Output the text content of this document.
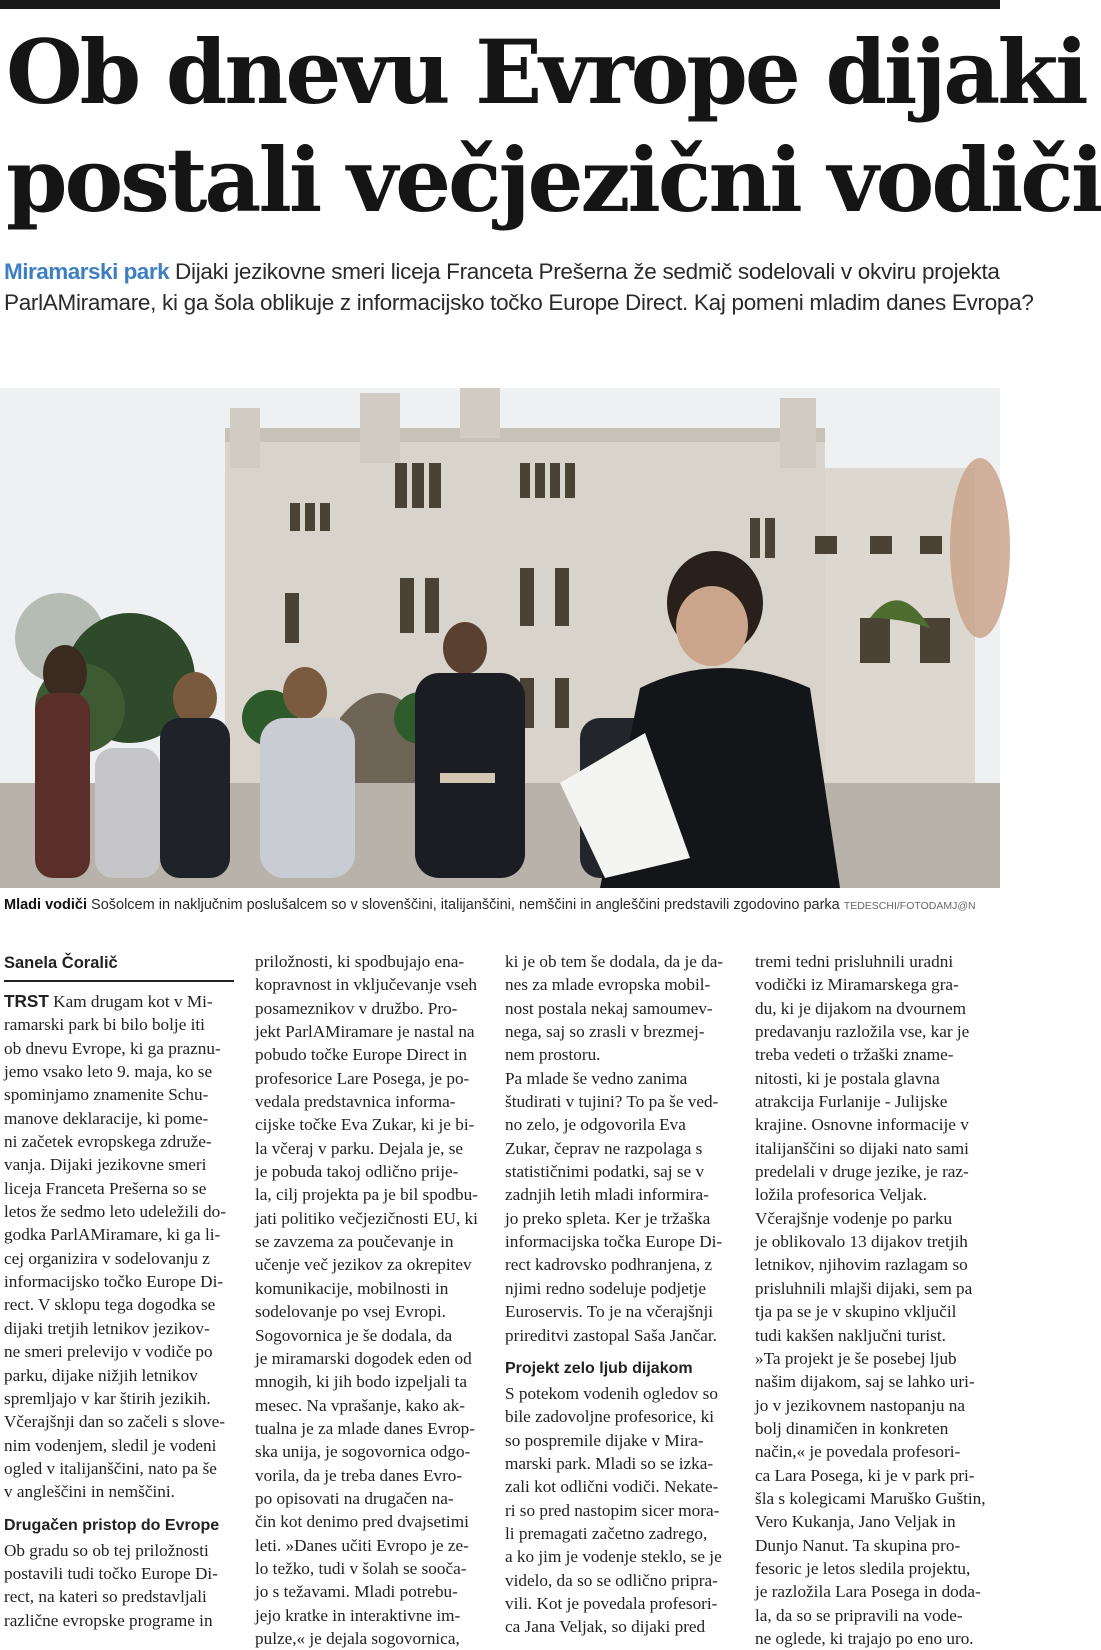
Ob dnevu Evrope dijaki
postali večjezični vodiči
Miramarski park Dijaki jezikovne smeri liceja Franceta Prešerna že sedmič sodelovali v okviru projekta
ParlAMiramare, ki ga šola oblikuje z informacijsko točko Europe Direct. Kaj pomeni mladim danes Evropa?
Mladi vodiči Sošolcem in naključnim poslušalcem so v slovenščini, italijanščini, nemščini in angleščini predstavili zgodovino parka TEDESCHI/FOTODAMJ@N
Sanela Čoralič
TRST Kam drugam kot v Mi-
ramarski park bi bilo bolje iti
ob dnevu Evrope, ki ga praznu-
jemo vsako leto 9. maja, ko se
spominjamo znamenite Schu-
manove deklaracije, ki pome-
ni začetek evropskega združe-
vanja. Dijaki jezikovne smeri
liceja Franceta Prešerna so se
letos že sedmo leto udeležili do-
godka ParlAMiramare, ki ga li-
cej organizira v sodelovanju z
informacijsko točko Europe Di-
rect. V sklopu tega dogodka se
dijaki tretjih letnikov jezikov-
ne smeri prelevijo v vodiče po
parku, dijake nižjih letnikov
spremljajo v kar štirih jezikih.
Včerajšnji dan so začeli s slove-
nim vodenjem, sledil je vodeni
ogled v italijanščini, nato pa še
v angleščini in nemščini.
Drugačen pristop do Evrope
Ob gradu so ob tej priložnosti
postavili tudi točko Europe Di-
rect, na kateri so predstavljali
različne evropske programe in
priložnosti, ki spodbujajo ena-
kopravnost in vključevanje vseh
posameznikov v družbo. Pro-
jekt ParlAMiramare je nastal na
pobudo točke Europe Direct in
profesorice Lare Posega, je po-
vedala predstavnica informa-
cijske točke Eva Zukar, ki je bi-
la včeraj v parku. Dejala je, se
je pobuda takoj odlično prije-
la, cilj projekta pa je bil spodbu-
jati politiko večjezičnosti EU, ki
se zavzema za poučevanje in
učenje več jezikov za okrepitev
komunikacije, mobilnosti in
sodelovanje po vsej Evropi.
Sogovornica je še dodala, da
je miramarski dogodek eden od
mnogih, ki jih bodo izpeljali ta
mesec. Na vprašanje, kako ak-
tualna je za mlade danes Evrop-
ska unija, je sogovornica odgo-
vorila, da je treba danes Evro-
po opisovati na drugačen na-
čin kot denimo pred dvajsetimi
leti. »Danes učiti Evropo je ze-
lo težko, tudi v šolah se sooča-
jo s težavami. Mladi potrebu-
jejo kratke in interaktivne im-
pulze,« je dejala sogovornica,
ki je ob tem še dodala, da je da-
nes za mlade evropska mobil-
nost postala nekaj samoumev-
nega, saj so zrasli v brezmej-
nem prostoru.
Pa mlade še vedno zanima
študirati v tujini? To pa še ved-
no zelo, je odgovorila Eva
Zukar, čeprav ne razpolaga s
statističnimi podatki, saj se v
zadnjih letih mladi informira-
jo preko spleta. Ker je tržaška
informacijska točka Europe Di-
rect kadrovsko podhranjena, z
njimi redno sodeluje podjetje
Euroservis. To je na včerajšnji
prireditvi zastopal Saša Jančar.
Projekt zelo ljub dijakom
S potekom vodenih ogledov so
bile zadovoljne profesorice, ki
so pospremile dijake v Mira-
marski park. Mladi so se izka-
zali kot odlični vodiči. Nekate-
ri so pred nastopim sicer mora-
li premagati začetno zadrego,
a ko jim je vodenje steklo, se je
videlo, da so se odlično pripra-
vili. Kot je povedala profesori-
ca Jana Veljak, so dijaki pred
tremi tedni prisluhnili uradni
vodički iz Miramarskega gra-
du, ki je dijakom na dvournem
predavanju razložila vse, kar je
treba vedeti o tržaški zname-
nitosti, ki je postala glavna
atrakcija Furlanije - Julijske
krajine. Osnovne informacije v
italijanščini so dijaki nato sami
predelali v druge jezike, je raz-
ložila profesorica Veljak.
Včerajšnje vodenje po parku
je oblikovalo 13 dijakov tretjih
letnikov, njihovim razlagam so
prisluhnili mlajši dijaki, sem pa
tja pa se je v skupino vključil
tudi kakšen naključni turist.
»Ta projekt je še posebej ljub
našim dijakom, saj se lahko uri-
jo v jezikovnem nastopanju na
bolj dinamičen in konkreten
način,« je povedala profesori-
ca Lara Posega, ki je v park pri-
šla s kolegicami Maruško Guštin,
Vero Kukanja, Jano Veljak in
Dunjo Nanut. Ta skupina pro-
fesoric je letos sledila projektu,
je razložila Lara Posega in doda-
la, da so se pripravili na vode-
ne oglede, ki trajajo po eno uro.
